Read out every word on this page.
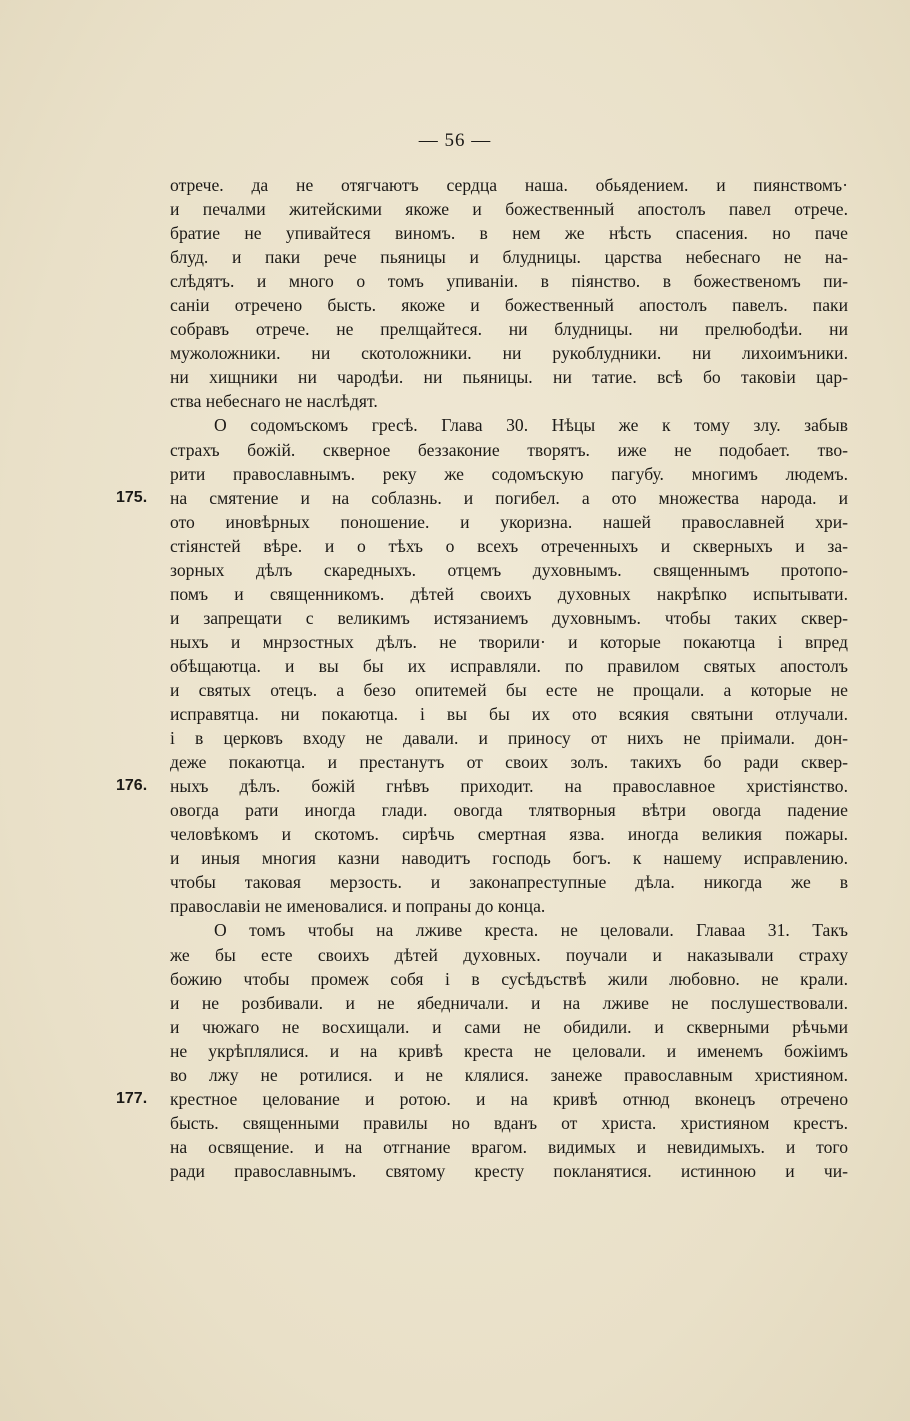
— 56 —
отрече. да не отягчаютъ сердца наша. обьядением. и пиянствомъ·
и печалми житейскими якоже и божественный апостолъ павел отрече.
братие не упивайтеся виномъ. в нем же нѣсть спасения. но паче
блуд. и паки рече пьяницы и блудницы. царства небеснаго не на-
слѣдятъ. и много о томъ упиванiи. в пiянство. в божественомъ пи-
санiи отречено бысть. якоже и божественный апостолъ павелъ. паки
собравъ отрече. не прелщайтеся. ни блудницы. ни прелюбодѣи. ни
мужоложники. ни скотоложники. ни рукоблудники. ни лихоимъники.
ни хищники ни чародѣи. ни пьяницы. ни татие. всѣ бо таковiи цар-
ства небеснаго не наслѣдят.
О содомъскомъ гресѣ. Глава 30. Нѣцы же к тому злу. забыв
страхъ божiй. скверное беззаконие творятъ. иже не подобает. тво-
рити православнымъ. реку же содомъскую пагубу. многимъ людемъ.
на смятение и на соблазнь. и погибел. а ото множества народа. и
ото иновѣрных поношение. и укоризна. нашей православней хри-
стiянстей вѣре. и о тѣхъ о всехъ отреченныхъ и скверныхъ и за-
зорных дѣлъ скаредныхъ. отцемъ духовнымъ. священнымъ протопо-
помъ и священникомъ. дѣтей своихъ духовных накрѣпко испытывати.
и запрещати с великимъ истязаниемъ духовнымъ. чтобы таких сквер-
ныхъ и мнрзостных дѣлъ. не творили· и которые покаютца i впред
обѣщаютца. и вы бы их исправляли. по правилом святых апостолъ
и святых отецъ. а безо опитемей бы есте не прощали. а которые не
исправятца. ни покаютца. i вы бы их ото всякия святыни отлучали.
i в церковъ входу не давали. и приносу от нихъ не прiимали. дон-
деже покаютца. и престанутъ от своих золъ. такихъ бо ради сквер-
ныхъ дѣлъ. божiй гнѣвъ приходит. на православное христiянство.
овогда рати иногда глади. овогда тлятворныя вѣтри овогда падение
человѣкомъ и скотомъ. сирѣчь смертная язва. иногда великия пожары.
и иныя многия казни наводитъ господь богъ. к нашему исправлению.
чтобы таковая мерзость. и законапреступные дѣла. никогда же в
православiи не именовалися. и попраны до конца.
О томъ чтобы на лживе креста. не целовали. Главаа 31. Такъ
же бы есте своихъ дѣтей духовных. поучали и наказывали страху
божию чтобы промеж собя i в сусѣдъствѣ жили любовно. не крали.
и не розбивали. и не ябедничали. и на лживе не послушествовали.
и чюжаго не восхищали. и сами не обидили. и скверными рѣчьми
не укрѣплялися. и на кривѣ креста не целовали. и именемъ божiимъ
во лжу не ротилися. и не клялися. занеже православным християном.
крестное целование и ротою. и на кривѣ отнюд вконецъ отречено
бысть. священными правилы но вданъ от христа. християном крестъ.
на освящение. и на отгнание врагом. видимых и невидимыхъ. и того
ради православнымъ. святому кресту покланятися. истинною и чи-
175.
176.
177.
